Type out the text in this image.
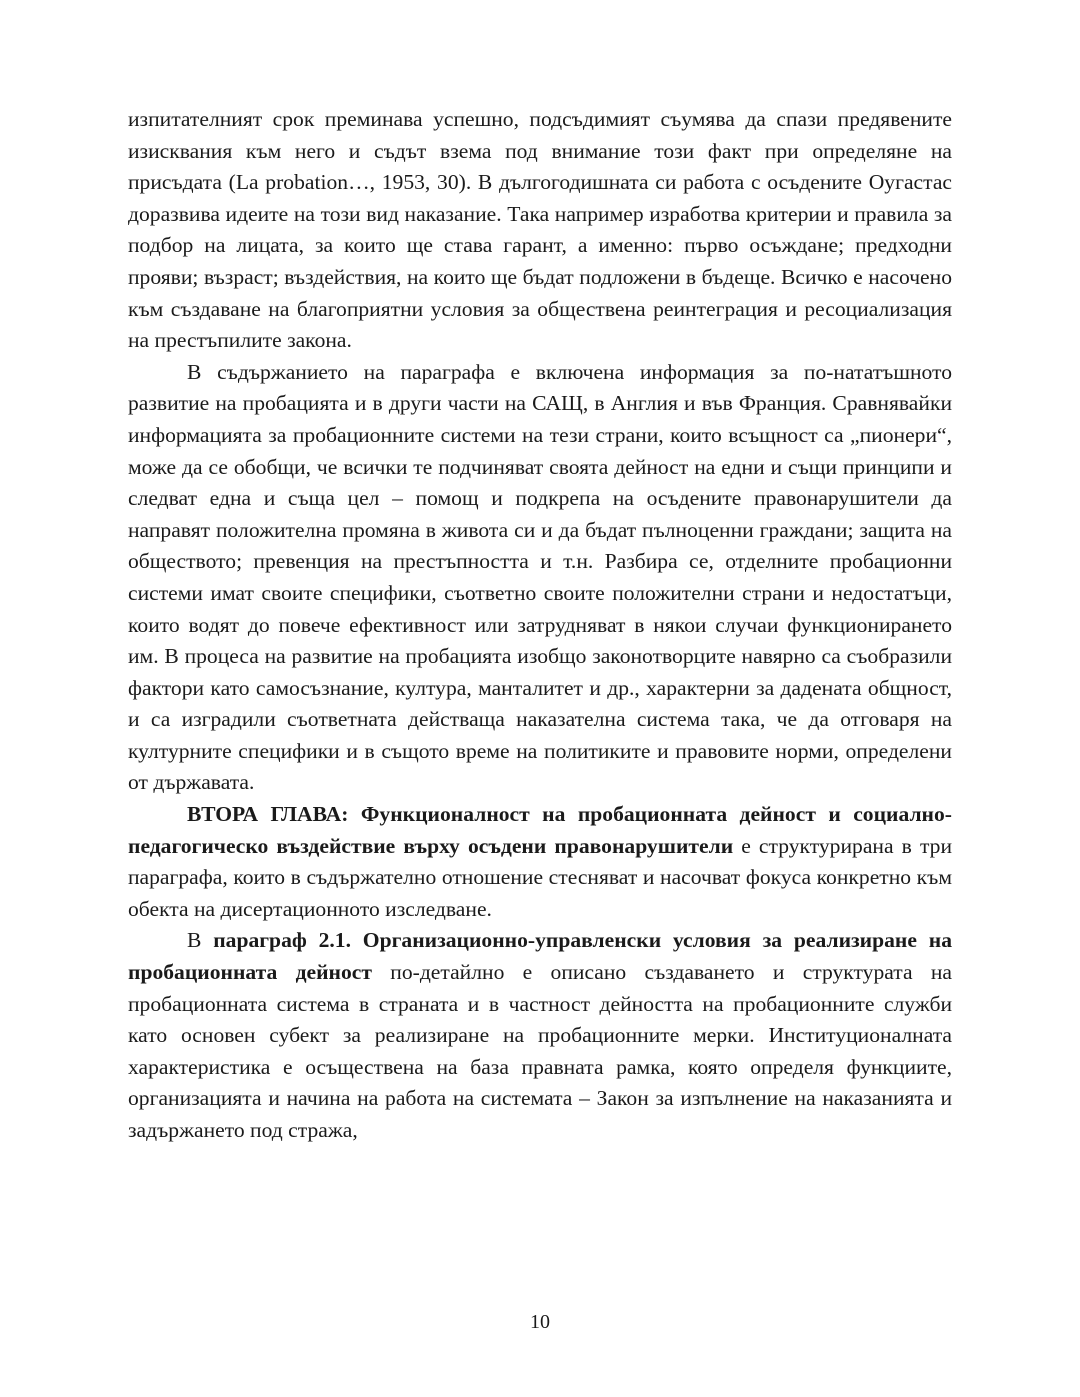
изпитателният срок преминава успешно, подсъдимият съумява да спази предявените изисквания към него и съдът взема под внимание този факт при определяне на присъдата (La probation…, 1953, 30). В дългогодишната си работа с осъдените Оугастас доразвива идеите на този вид наказание. Така например изработва критерии и правила за подбор на лицата, за които ще става гарант, а именно: първо осъждане; предходни прояви; възраст; въздействия, на които ще бъдат подложени в бъдеще. Всичко е насочено към създаване на благоприятни условия за обществена реинтеграция и ресоциализация на престъпилите закона.

В съдържанието на параграфа е включена информация за по-нататъшното развитие на пробацията и в други части на САЩ, в Англия и във Франция. Сравнявайки информацията за пробационните системи на тези страни, които всъщност са „пионери“, може да се обобщи, че всички те подчиняват своята дейност на едни и същи принципи и следват една и съща цел – помощ и подкрепа на осъдените правонарушители да направят положителна промяна в живота си и да бъдат пълноценни граждани; защита на обществото; превенция на престъпността и т.н. Разбира се, отделните пробационни системи имат своите специфики, съответно своите положителни страни и недостатъци, които водят до повече ефективност или затрудняват в някои случаи функционирането им. В процеса на развитие на пробацията изобщо законотворците навярно са съобразили фактори като самосъзнание, култура, манталитет и др., характерни за дадената общност, и са изградили съответната действаща наказателна система така, че да отговаря на културните специфики и в същото време на политиките и правовите норми, определени от държавата.

ВТОРА ГЛАВА: Функционалност на пробационната дейност и социално-педагогическо въздействие върху осъдени правонарушители е структурирана в три параграфа, които в съдържателно отношение стесняват и насочват фокуса конкретно към обекта на дисертационното изследване.

В параграф 2.1. Организационно-управленски условия за реализиране на пробационната дейност по-детайлно е описано създаването и структурата на пробационната система в страната и в частност дейността на пробационните служби като основен субект за реализиране на пробационните мерки. Институционалната характеристика е осъществена на база правната рамка, която определя функциите, организацията и начина на работа на системата – Закон за изпълнение на наказанията и задържането под стража,

10
